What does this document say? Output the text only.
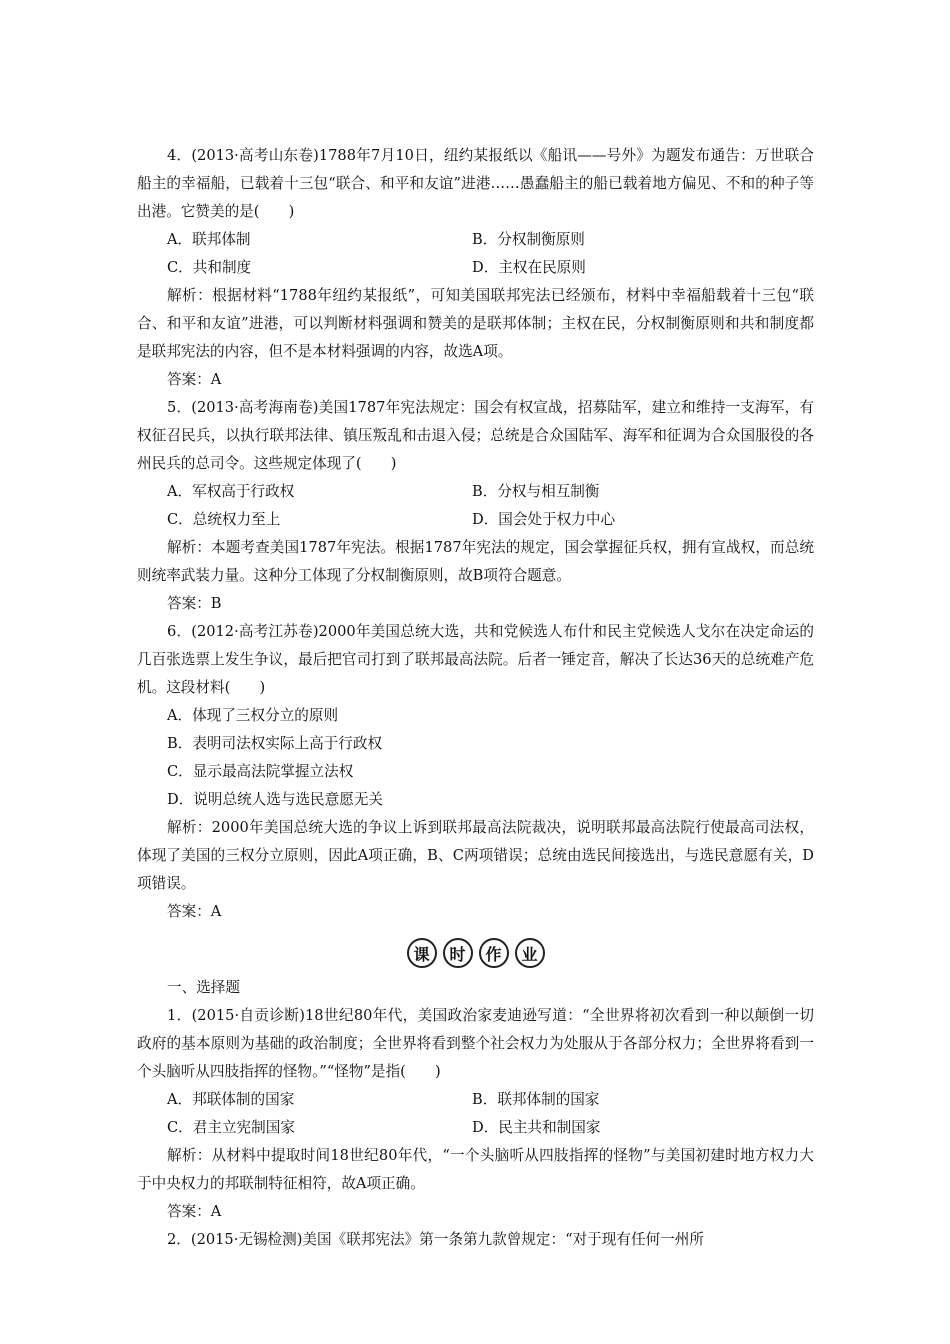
4．(2013·高考山东卷)1788年7月10日，纽约某报纸以《船讯——号外》为题发布通告：万世联合船主的幸福船，已载着十三包“联合、和平和友谊”进港……愚蠢船主的船已载着地方偏见、不和的种子等出港。它赞美的是(　　)

A．联邦体制	B．分权制衡原则
C．共和制度	D．主权在民原则

解析：根据材料“1788年纽约某报纸”，可知美国联邦宪法已经颁布，材料中幸福船载着十三包“联合、和平和友谊”进港，可以判断材料强调和赞美的是联邦体制；主权在民，分权制衡原则和共和制度都是联邦宪法的内容，但不是本材料强调的内容，故选A项。

答案：A

5．(2013·高考海南卷)美国1787年宪法规定：国会有权宣战，招募陆军，建立和维持一支海军，有权征召民兵，以执行联邦法律、镇压叛乱和击退入侵；总统是合众国陆军、海军和征调为合众国服役的各州民兵的总司令。这些规定体现了(　　)

A．军权高于行政权	B．分权与相互制衡
C．总统权力至上	D．国会处于权力中心

解析：本题考查美国1787年宪法。根据1787年宪法的规定，国会掌握征兵权，拥有宣战权，而总统则统率武装力量。这种分工体现了分权制衡原则，故B项符合题意。

答案：B

6．(2012·高考江苏卷)2000年美国总统大选，共和党候选人布什和民主党候选人戈尔在决定命运的几百张选票上发生争议，最后把官司打到了联邦最高法院。后者一锤定音，解决了长达36天的总统难产危机。这段材料(　　)

A．体现了三权分立的原则

B．表明司法权实际上高于行政权

C．显示最高法院掌握立法权

D．说明总统人选与选民意愿无关

解析：2000年美国总统大选的争议上诉到联邦最高法院裁决，说明联邦最高法院行使最高司法权，体现了美国的三权分立原则，因此A项正确，B、C两项错误；总统由选民间接选出，与选民意愿有关，D项错误。

答案：A

课	时	作	业

一、选择题

1．(2015·自贡诊断)18世纪80年代，美国政治家麦迪逊写道：“全世界将初次看到一种以颠倒一切政府的基本原则为基础的政治制度；全世界将看到整个社会权力为处服从于各部分权力；全世界将看到一个头脑听从四肢指挥的怪物。”“怪物”是指(　　)

A．邦联体制的国家	B．联邦体制的国家
C．君主立宪制国家	D．民主共和制国家

解析：从材料中提取时间18世纪80年代，“一个头脑听从四肢指挥的怪物”与美国初建时地方权力大于中央权力的邦联制特征相符，故A项正确。

答案：A

2．(2015·无锡检测)美国《联邦宪法》第一条第九款曾规定：“对于现有任何一州所
